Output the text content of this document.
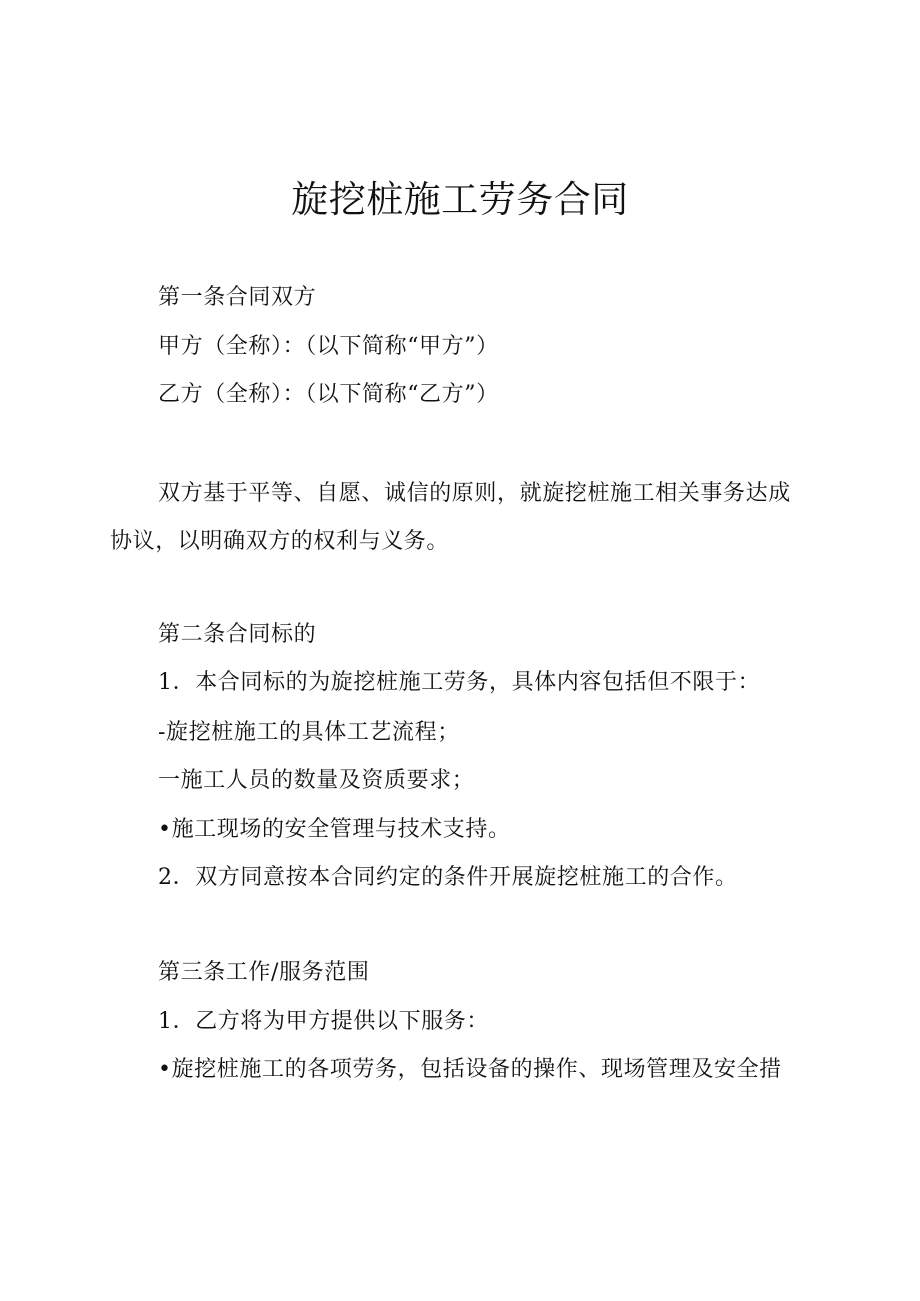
旋挖桩施工劳务合同
第一条合同双方
甲方（全称）：（以下简称“甲方”）
乙方（全称）：（以下简称“乙方”）
双方基于平等、自愿、诚信的原则，就旋挖桩施工相关事务达成
协议，以明确双方的权利与义务。
第二条合同标的
1．本合同标的为旋挖桩施工劳务，具体内容包括但不限于：
-旋挖桩施工的具体工艺流程；
一施工人员的数量及资质要求；
•施工现场的安全管理与技术支持。
2．双方同意按本合同约定的条件开展旋挖桩施工的合作。
第三条工作/服务范围
1．乙方将为甲方提供以下服务：
•旋挖桩施工的各项劳务，包括设备的操作、现场管理及安全措
